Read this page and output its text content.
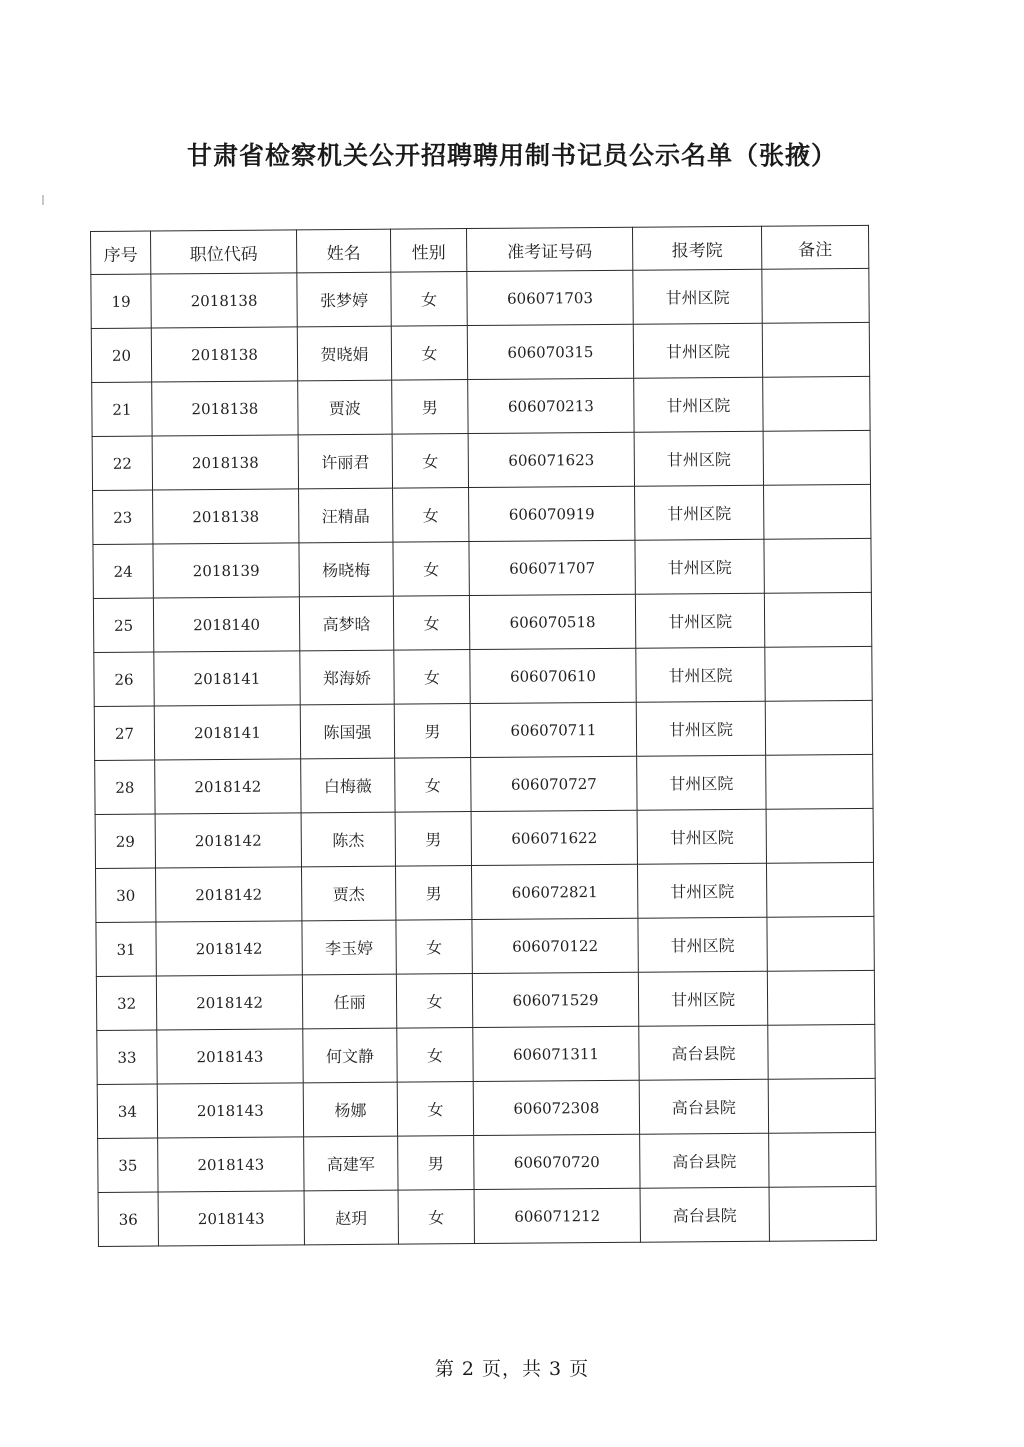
甘肃省检察机关公开招聘聘用制书记员公示名单（张掖）
序号	职位代码	姓名	性别	准考证号码	报考院	备注
19	2018138	张梦婷	女	606071703	甘州区院	
20	2018138	贺晓娟	女	606070315	甘州区院	
21	2018138	贾波	男	606070213	甘州区院	
22	2018138	许丽君	女	606071623	甘州区院	
23	2018138	汪精晶	女	606070919	甘州区院	
24	2018139	杨晓梅	女	606071707	甘州区院	
25	2018140	高梦晗	女	606070518	甘州区院	
26	2018141	郑海娇	女	606070610	甘州区院	
27	2018141	陈国强	男	606070711	甘州区院	
28	2018142	白梅薇	女	606070727	甘州区院	
29	2018142	陈杰	男	606071622	甘州区院	
30	2018142	贾杰	男	606072821	甘州区院	
31	2018142	李玉婷	女	606070122	甘州区院	
32	2018142	任丽	女	606071529	甘州区院	
33	2018143	何文静	女	606071311	高台县院	
34	2018143	杨娜	女	606072308	高台县院	
35	2018143	高建军	男	606070720	高台县院	
36	2018143	赵玥	女	606071212	高台县院	
第 2 页，共 3 页
